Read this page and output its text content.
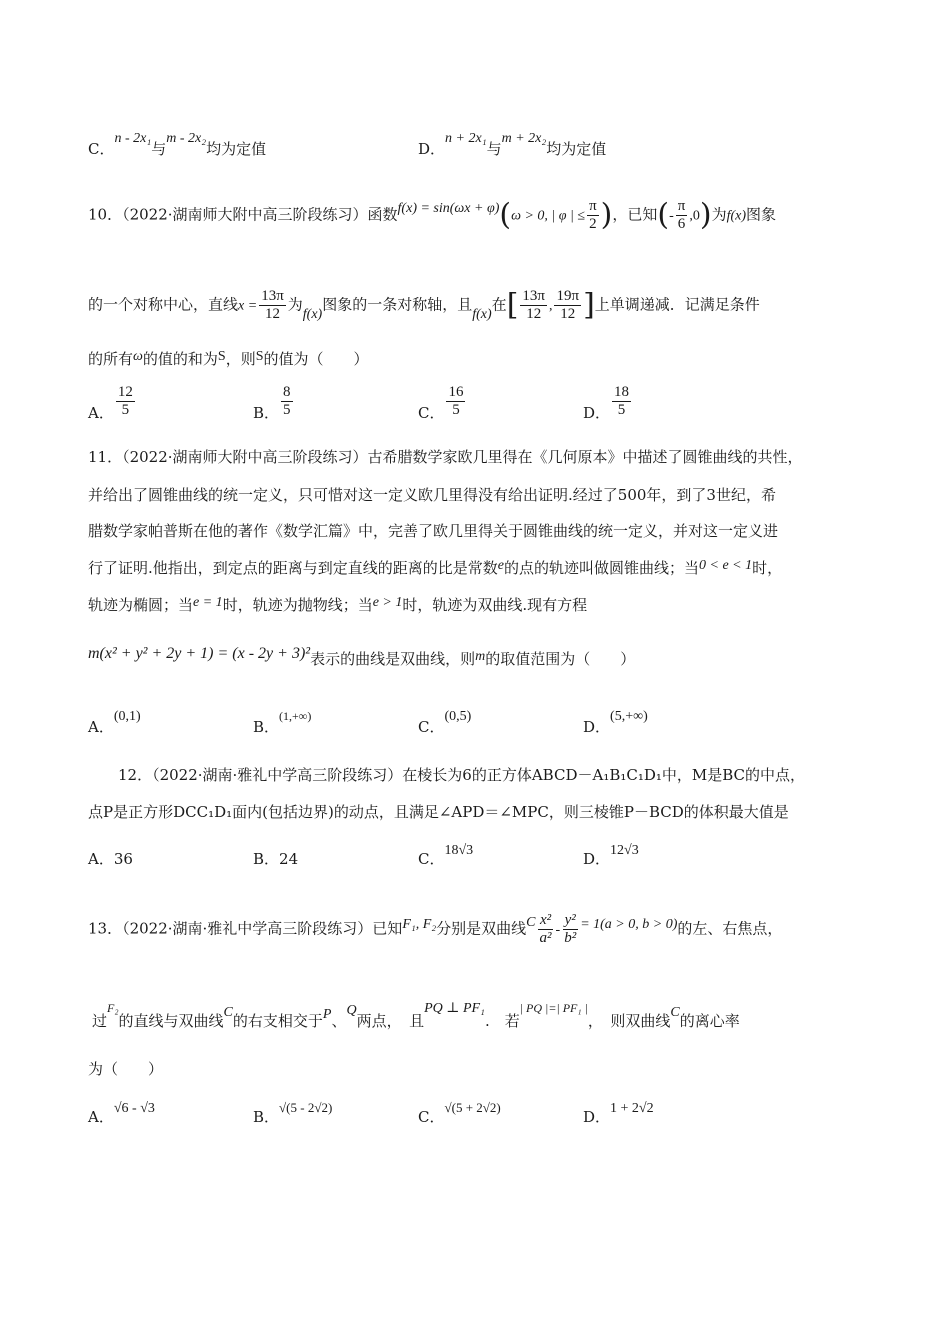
C．n - 2x₁与m - 2x₂均为定值	D．n + 2x₁与m + 2x₂均为定值
10．（2022·湖南师大附中高三阶段练习）函数f(x) = sin(ωx + φ)(ω > 0, | φ | ≤ $\frac{\pi}{2}$ )，已知(- $\frac{\pi}{6} ,0$)为f(x)图象
的一个对称中心，直线$x = \frac{13\pi}{12}$ 为f(x)图象的一条对称轴，且f(x)在[ $\frac{13\pi}{12}$ , $\frac{19\pi}{12}$ ]上单调递减．记满足条件
的所有ω的值的和为S，则S的值为（　　）
A． $\frac{12}{5}$	B． $\frac{8}{5}$	C． $\frac{16}{5}$	D． $\frac{18}{5}$
11．（2022·湖南师大附中高三阶段练习）古希腊数学家欧几里得在《几何原本》中描述了圆锥曲线的共性，
并给出了圆锥曲线的统一定义，只可惜对这一定义欧几里得没有给出证明.经过了500年，到了3世纪，希
腊数学家帕普斯在他的著作《数学汇篇》中，完善了欧几里得关于圆锥曲线的统一定义，并对这一定义进
行了证明.他指出，到定点的距离与到定直线的距离的比是常数e的点的轨迹叫做圆锥曲线；当0 < e < 1时，
轨迹为椭圆；当e = 1时，轨迹为抛物线；当e > 1时，轨迹为双曲线.现有方程
m(x² + y² + 2y + 1) = (x - 2y + 3)²表示的曲线是双曲线，则m的取值范围为（　　）
A．(0,1)
B．$^{(1,+\infty)}$
C．(0,5)
D．(5,+∞)
12．（2022·湖南·雅礼中学高三阶段练习）在棱长为6的正方体ABCD－A₁B₁C₁D₁中，M是BC的中点，
点P是正方形DCC₁D₁面内(包括边界)的动点，且满足∠APD＝∠MPC，则三棱锥P－BCD的体积最大值是
A．36	B．24	C．18√3	D．12√3
13．（2022·湖南·雅礼中学高三阶段练习）已知F₁, F₂分别是双曲线C $\frac{\text{x²}}{\text{a²}} - \frac{\text{y²}}{\text{b²}} = 1(a > 0$, b > 0)的左、右焦点，
过$^{F_2}$的直线与双曲线C的右支相交于P、Q两点，　且PQ ⊥ PF₁.　若$^{| PQ |=| PF_1 |}$，　则双曲线C的离心率
为（　　）
A．√6 - √3	B．√(5 - 2√2)
C．√(5 + 2√2)
D．1 + 2√2
